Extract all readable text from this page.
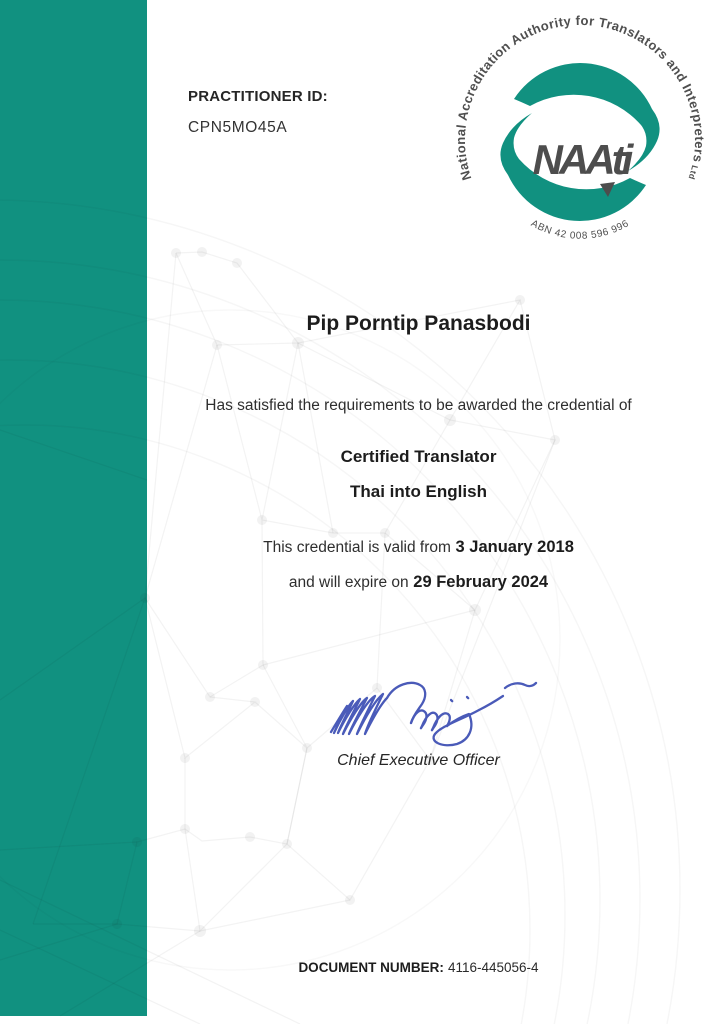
PRACTITIONER ID:
CPN5MO45A
National Accreditation Authority for Translators and Interpreters Ltd
NAAti
ABN 42 008 596 996
Pip Porntip Panasbodi
Has satisfied the requirements to be awarded the credential of
Certified Translator
Thai into English
This credential is valid from 3 January 2018
and will expire on 29 February 2024
Chief Executive Officer
DOCUMENT NUMBER: 4116-445056-4
